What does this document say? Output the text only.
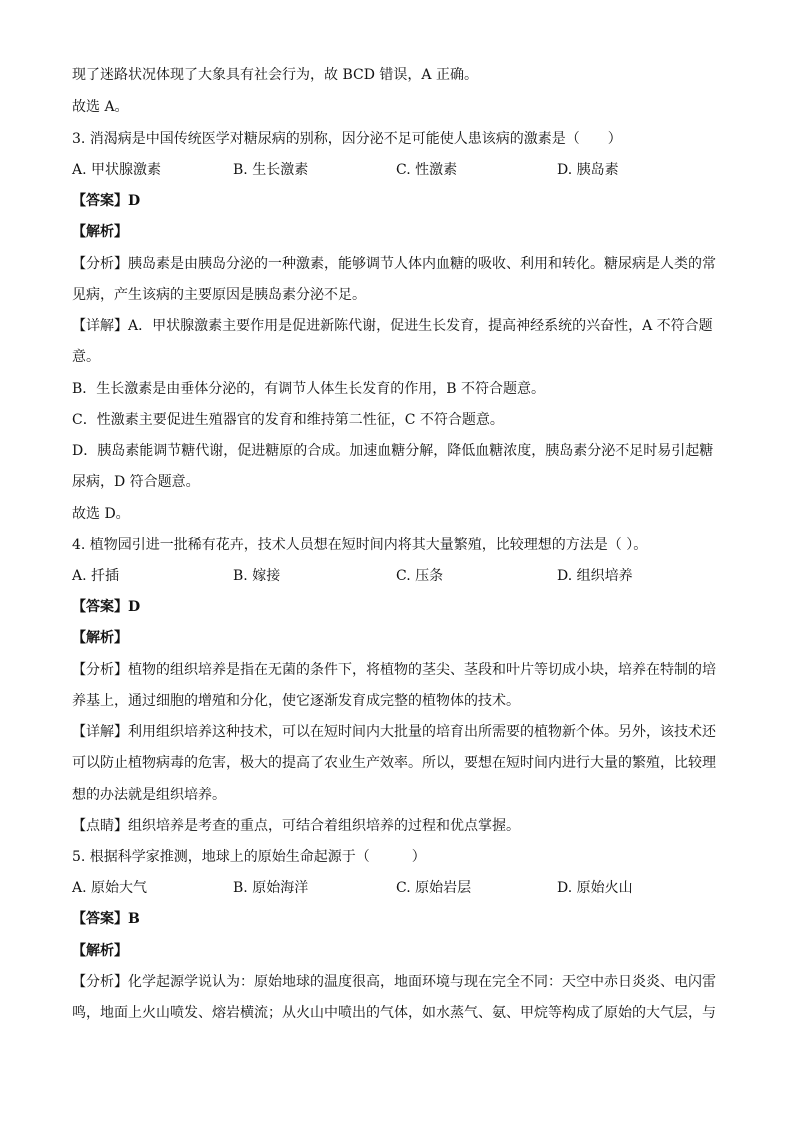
现了迷路状况体现了大象具有社会行为，故 BCD 错误，A 正确。
故选 A。
3. 消渴病是中国传统医学对糖尿病的别称，因分泌不足可能使人患该病的激素是（　　）
A. 甲状腺激素	B. 生长激素	C. 性激素	D. 胰岛素
【答案】D
【解析】
【分析】胰岛素是由胰岛分泌的一种激素，能够调节人体内血糖的吸收、利用和转化。糖尿病是人类的常
见病，产生该病的主要原因是胰岛素分泌不足。
【详解】A．甲状腺激素主要作用是促进新陈代谢，促进生长发育，提高神经系统的兴奋性，A 不符合题
意。
B．生长激素是由垂体分泌的，有调节人体生长发育的作用，B 不符合题意。
C．性激素主要促进生殖器官的发育和维持第二性征，C 不符合题意。
D．胰岛素能调节糖代谢，促进糖原的合成。加速血糖分解，降低血糖浓度，胰岛素分泌不足时易引起糖
尿病，D 符合题意。
故选 D。
4. 植物园引进一批稀有花卉，技术人员想在短时间内将其大量繁殖，比较理想的方法是（ ）。
A. 扦插	B. 嫁接	C. 压条	D. 组织培养
【答案】D
【解析】
【分析】植物的组织培养是指在无菌的条件下，将植物的茎尖、茎段和叶片等切成小块，培养在特制的培
养基上，通过细胞的增殖和分化，使它逐渐发育成完整的植物体的技术。
【详解】利用组织培养这种技术，可以在短时间内大批量的培育出所需要的植物新个体。另外，该技术还
可以防止植物病毒的危害，极大的提高了农业生产效率。所以，要想在短时间内进行大量的繁殖，比较理
想的办法就是组织培养。
【点睛】组织培养是考查的重点，可结合着组织培养的过程和优点掌握。
5. 根据科学家推测，地球上的原始生命起源于（　　　）
A. 原始大气	B. 原始海洋	C. 原始岩层	D. 原始火山
【答案】B
【解析】
【分析】化学起源学说认为：原始地球的温度很高，地面环境与现在完全不同：天空中赤日炎炎、电闪雷
鸣，地面上火山喷发、熔岩横流；从火山中喷出的气体，如水蒸气、氨、甲烷等构成了原始的大气层，与
